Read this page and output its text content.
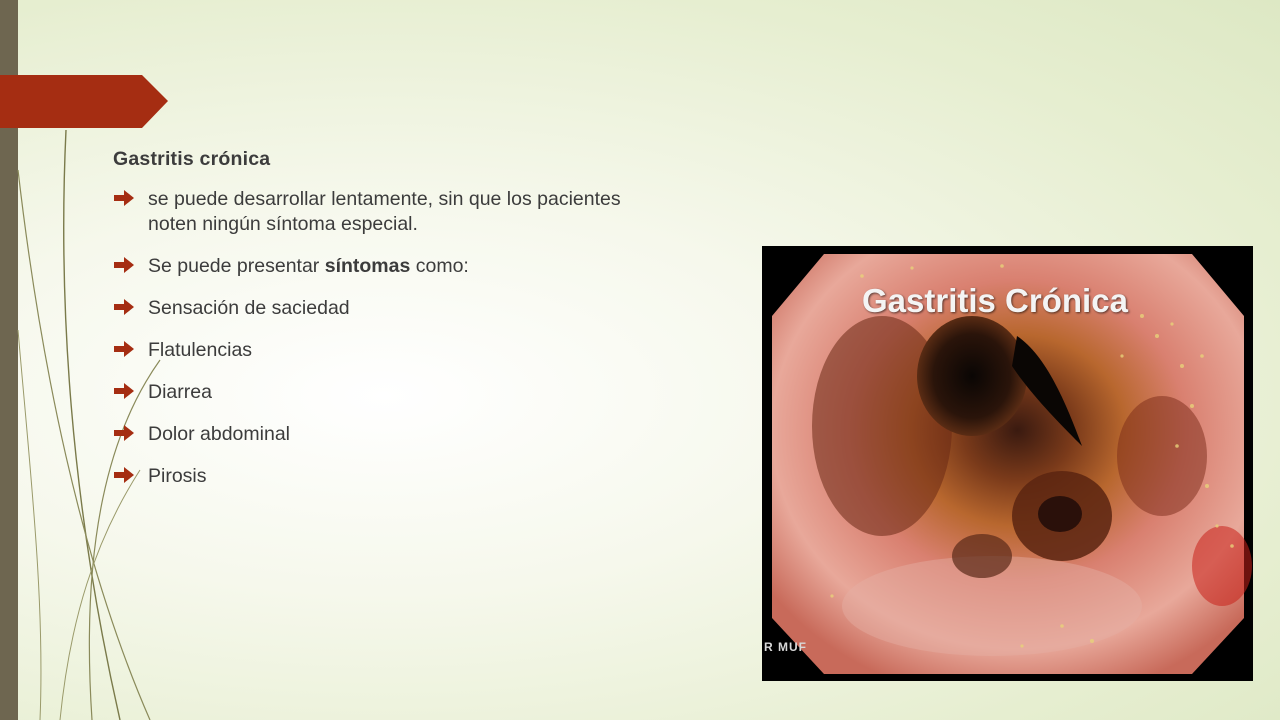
Gastritis crónica
se puede desarrollar lentamente, sin que los pacientes noten ningún síntoma especial.
Se puede presentar síntomas como:
Sensación de saciedad
Flatulencias
Diarrea
Dolor abdominal
Pirosis
Gastritis Crónica
R MUF
